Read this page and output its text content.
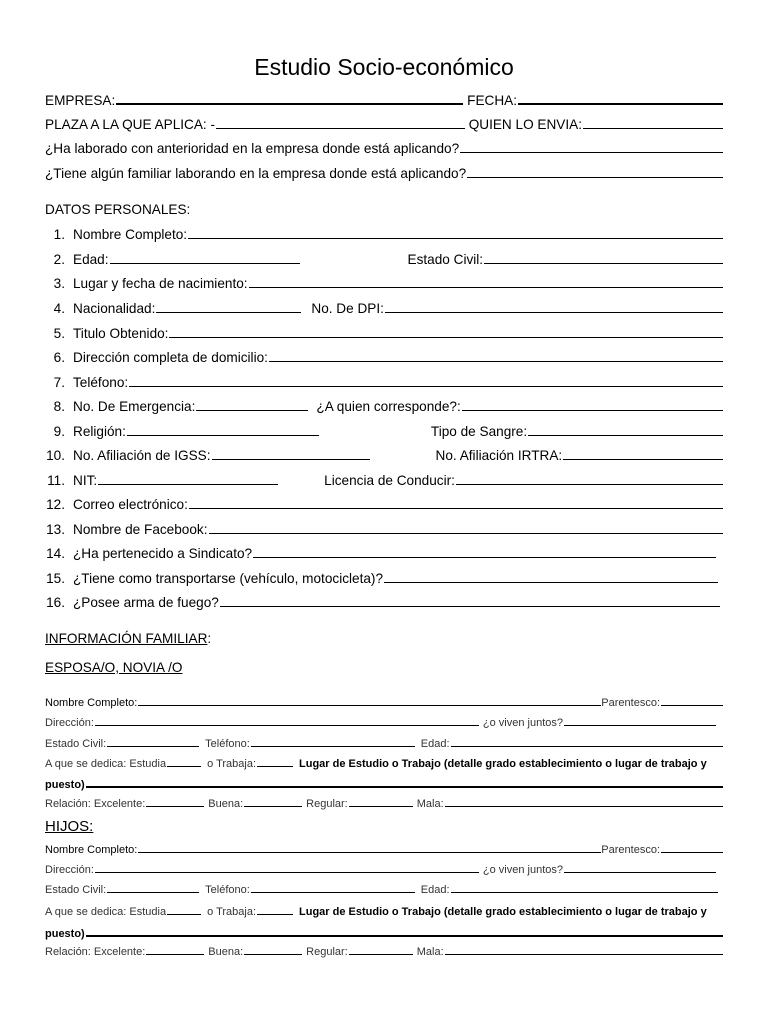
Estudio Socio-económico
EMPRESA:	FECHA:
PLAZA A LA QUE APLICA: -	QUIEN LO ENVIA:
¿Ha laborado con anterioridad en la empresa donde está aplicando?
¿Tiene algún familiar laborando en la empresa donde está aplicando?
DATOS PERSONALES:
1. Nombre Completo:
2. Edad:	Estado Civil:
3. Lugar y fecha de nacimiento:
4. Nacionalidad:	No. De DPI:
5. Titulo Obtenido:
6. Dirección completa de domicilio:
7. Teléfono:
8. No. De Emergencia:	¿A quien corresponde?:
9. Religión:	Tipo de Sangre:
10. No. Afiliación de IGSS:	No. Afiliación IRTRA:
11. NIT:	Licencia de Conducir:
12. Correo electrónico:
13. Nombre de Facebook:
14. ¿Ha pertenecido a Sindicato?
15. ¿Tiene como transportarse (vehículo, motocicleta)?
16. ¿Posee arma de fuego?
INFORMACIÓN FAMILIAR:
ESPOSA/O, NOVIA /O
Nombre Completo:	Parentesco:
Dirección:	¿o viven juntos?
Estado Civil:	Teléfono:	Edad:
A que se dedica: Estudia	o Trabaja:	Lugar de Estudio o Trabajo (detalle grado establecimiento o lugar de trabajo y
puesto)
Relación: Excelente:	Buena:	Regular:	Mala:
HIJOS:
Nombre Completo:	Parentesco:
Dirección:	¿o viven juntos?
Estado Civil:	Teléfono:	Edad:
A que se dedica: Estudia	o Trabaja:	Lugar de Estudio o Trabajo (detalle grado establecimiento o lugar de trabajo y
puesto)
Relación: Excelente:	Buena:	Regular:	Mala:
